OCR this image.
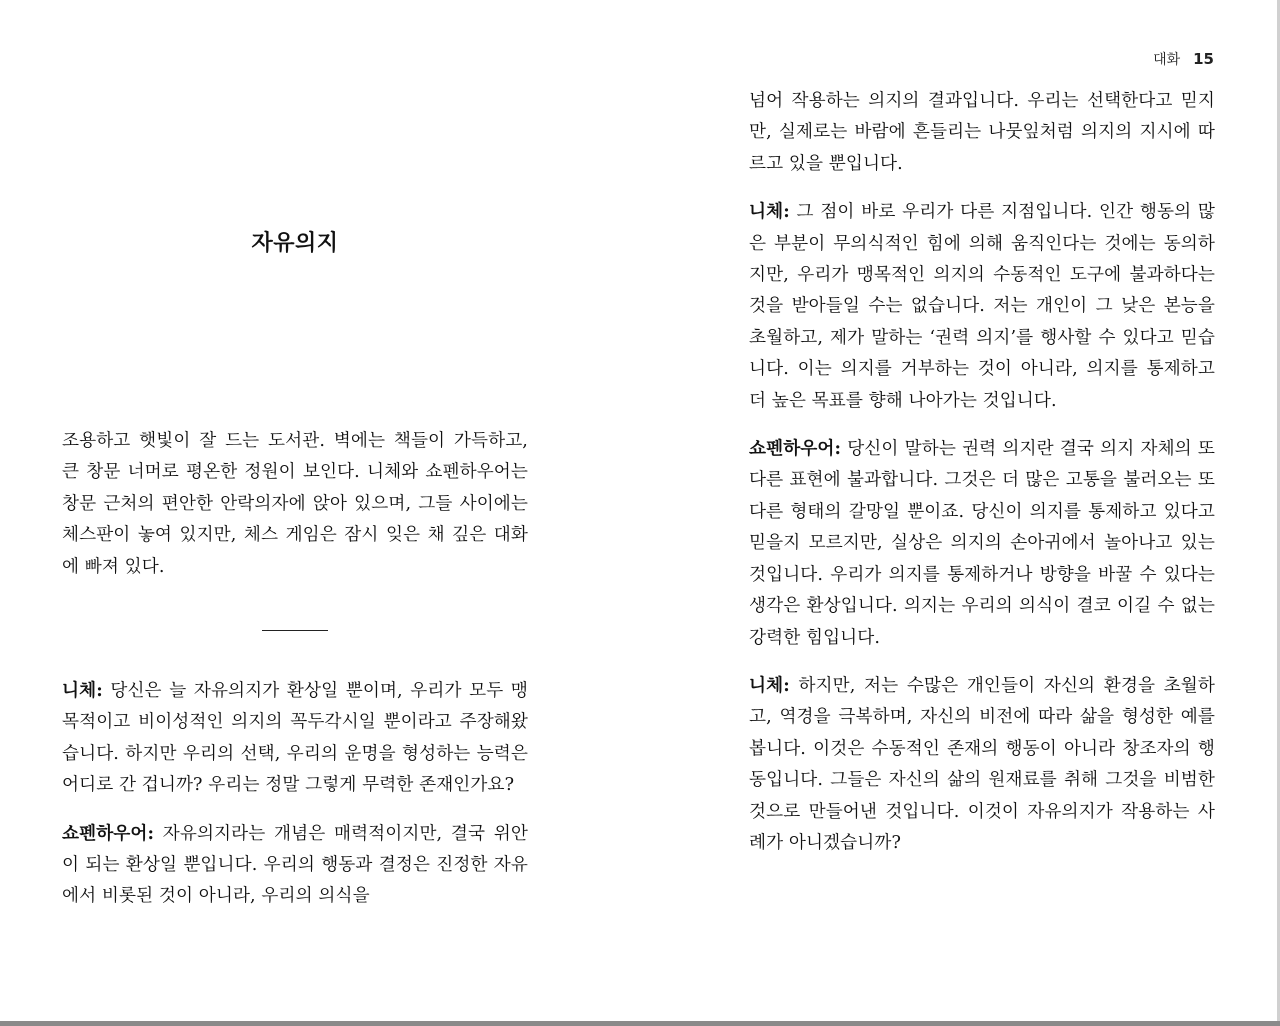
대화 15
자유의지

조용하고 햇빛이 잘 드는 도서관. 벽에는 책들이 가득하고, 큰 창문 너머로 평온한 정원이 보인다. 니체와 쇼펜하우어는 창문 근처의 편안한 안락의자에 앉아 있으며, 그들 사이에는 체스판이 놓여 있지만, 체스 게임은 잠시 잊은 채 깊은 대화에 빠져 있다.

니체: 당신은 늘 자유의지가 환상일 뿐이며, 우리가 모두 맹목적이고 비이성적인 의지의 꼭두각시일 뿐이라고 주장해왔습니다. 하지만 우리의 선택, 우리의 운명을 형성하는 능력은 어디로 간 겁니까? 우리는 정말 그렇게 무력한 존재인가요?

쇼펜하우어: 자유의지라는 개념은 매력적이지만, 결국 위안이 되는 환상일 뿐입니다. 우리의 행동과 결정은 진정한 자유에서 비롯된 것이 아니라, 우리의 의식을

넘어 작용하는 의지의 결과입니다. 우리는 선택한다고 믿지만, 실제로는 바람에 흔들리는 나뭇잎처럼 의지의 지시에 따르고 있을 뿐입니다.

니체: 그 점이 바로 우리가 다른 지점입니다. 인간 행동의 많은 부분이 무의식적인 힘에 의해 움직인다는 것에는 동의하지만, 우리가 맹목적인 의지의 수동적인 도구에 불과하다는 것을 받아들일 수는 없습니다. 저는 개인이 그 낮은 본능을 초월하고, 제가 말하는 ‘권력 의지’를 행사할 수 있다고 믿습니다. 이는 의지를 거부하는 것이 아니라, 의지를 통제하고 더 높은 목표를 향해 나아가는 것입니다.

쇼펜하우어: 당신이 말하는 권력 의지란 결국 의지 자체의 또 다른 표현에 불과합니다. 그것은 더 많은 고통을 불러오는 또 다른 형태의 갈망일 뿐이죠. 당신이 의지를 통제하고 있다고 믿을지 모르지만, 실상은 의지의 손아귀에서 놀아나고 있는 것입니다. 우리가 의지를 통제하거나 방향을 바꿀 수 있다는 생각은 환상입니다. 의지는 우리의 의식이 결코 이길 수 없는 강력한 힘입니다.

니체: 하지만, 저는 수많은 개인들이 자신의 환경을 초월하고, 역경을 극복하며, 자신의 비전에 따라 삶을 형성한 예를 봅니다. 이것은 수동적인 존재의 행동이 아니라 창조자의 행동입니다. 그들은 자신의 삶의 원재료를 취해 그것을 비범한 것으로 만들어낸 것입니다. 이것이 자유의지가 작용하는 사례가 아니겠습니까?
